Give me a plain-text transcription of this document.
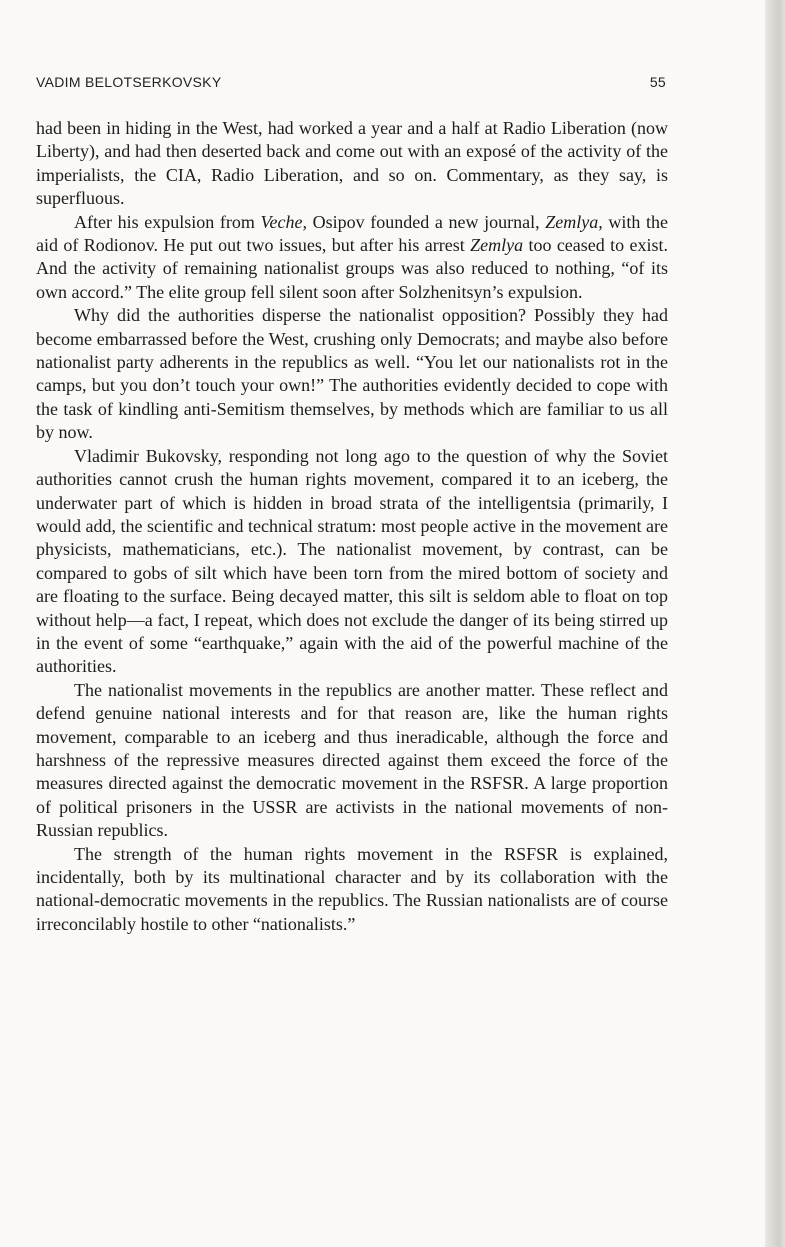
VADIM BELOTSERKOVSKY	55

had been in hiding in the West, had worked a year and a half at Radio Liberation (now Liberty), and had then deserted back and come out with an exposé of the activity of the imperialists, the CIA, Radio Liberation, and so on. Commentary, as they say, is superfluous.

After his expulsion from Veche, Osipov founded a new journal, Zemlya, with the aid of Rodionov. He put out two issues, but after his arrest Zemlya too ceased to exist. And the activity of remaining nationalist groups was also reduced to nothing, “of its own accord.” The elite group fell silent soon after Solzhenitsyn’s expulsion.

Why did the authorities disperse the nationalist opposition? Possibly they had become embarrassed before the West, crushing only Democrats; and maybe also before nationalist party adherents in the republics as well. “You let our nationalists rot in the camps, but you don’t touch your own!” The authorities evidently decided to cope with the task of kindling anti-Semitism themselves, by methods which are familiar to us all by now.

Vladimir Bukovsky, responding not long ago to the question of why the Soviet authorities cannot crush the human rights movement, compared it to an iceberg, the underwater part of which is hidden in broad strata of the intelligentsia (primarily, I would add, the scientific and technical stratum: most people active in the movement are physicists, mathematicians, etc.). The nationalist movement, by contrast, can be compared to gobs of silt which have been torn from the mired bottom of society and are floating to the surface. Being decayed matter, this silt is seldom able to float on top without help—a fact, I repeat, which does not exclude the danger of its being stirred up in the event of some “earthquake,” again with the aid of the powerful machine of the authorities.

The nationalist movements in the republics are another matter. These reflect and defend genuine national interests and for that reason are, like the human rights movement, comparable to an iceberg and thus ineradicable, although the force and harshness of the repressive measures directed against them exceed the force of the measures directed against the democratic movement in the RSFSR. A large proportion of political prisoners in the USSR are activists in the national movements of non-Russian republics.

The strength of the human rights movement in the RSFSR is explained, incidentally, both by its multinational character and by its collaboration with the national-democratic movements in the republics. The Russian nationalists are of course irreconcilably hostile to other “nationalists.”
